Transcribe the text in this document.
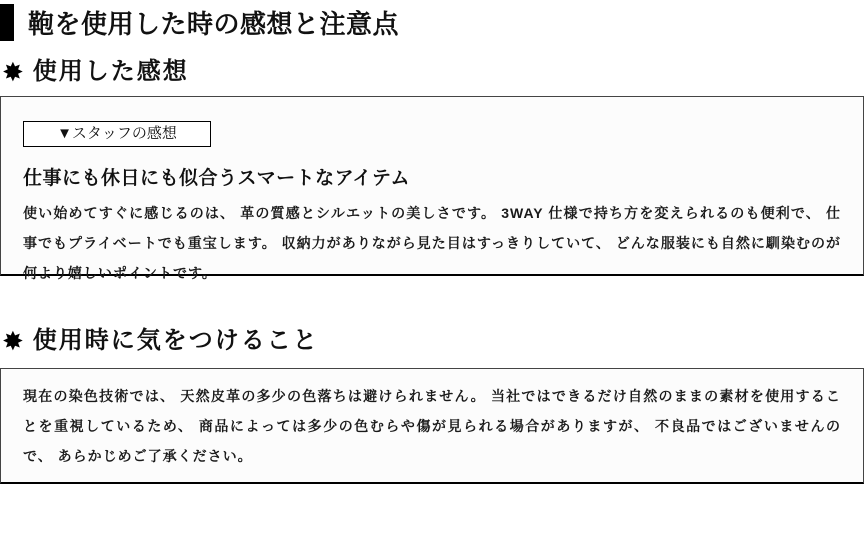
鞄を使用した時の感想と注意点
✸ 使用した感想
▼スタッフの感想
仕事にも休日にも似合うスマートなアイテム

使い始めてすぐに感じるのは、 革の質感とシルエットの美しさです。 3WAY 仕様で持ち方を変えられるのも便利で、 仕事でもプライベートでも重宝します。 収納力がありながら見た目はすっきりしていて、 どんな服装にも自然に馴染むのが何より嬉しいポイントです。

✸ 使用時に気をつけること

現在の染色技術では、 天然皮革の多少の色落ちは避けられません。 当社ではできるだけ自然のままの素材を使用することを重視しているため、 商品によっては多少の色むらや傷が見られる場合がありますが、 不良品ではございませんので、 あらかじめご了承ください。
